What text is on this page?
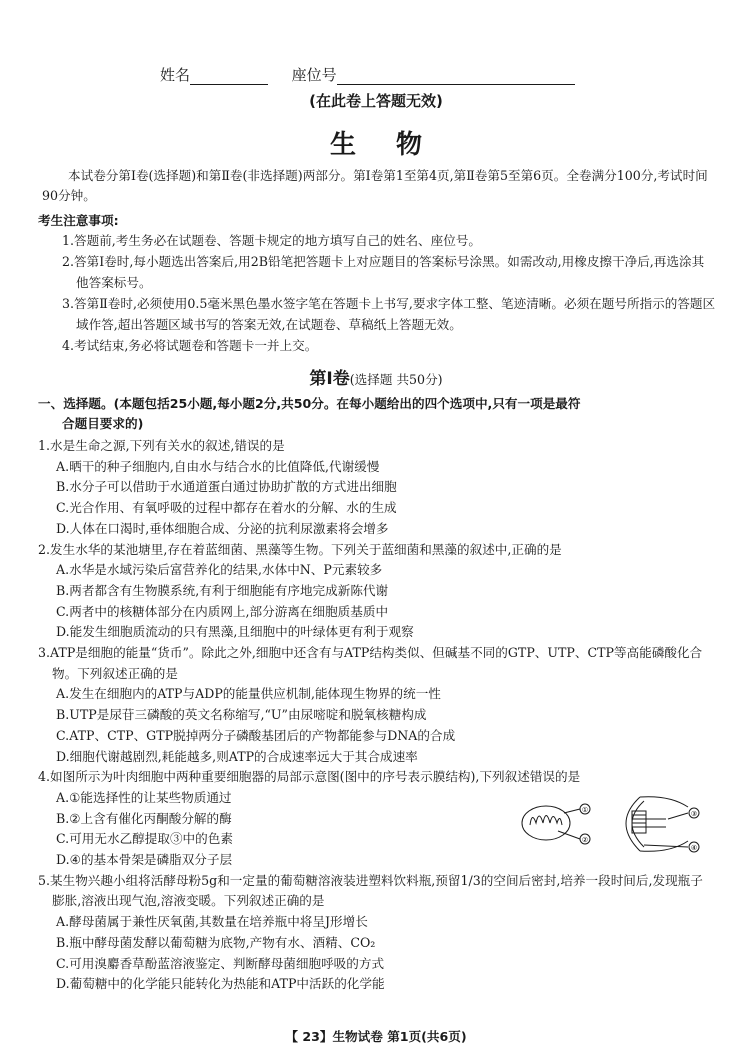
姓名	座位号
(在此卷上答题无效)
生物
本试卷分第Ⅰ卷(选择题)和第Ⅱ卷(非选择题)两部分。第Ⅰ卷第1至第4页,第Ⅱ卷第5至第6页。全卷满分100分,考试时间90分钟。
考生注意事项:
1.答题前,考生务必在试题卷、答题卡规定的地方填写自己的姓名、座位号。
2.答第Ⅰ卷时,每小题选出答案后,用2B铅笔把答题卡上对应题目的答案标号涂黑。如需改动,用橡皮擦干净后,再选涂其他答案标号。
3.答第Ⅱ卷时,必须使用0.5毫米黑色墨水签字笔在答题卡上书写,要求字体工整、笔迹清晰。必须在题号所指示的答题区域作答,超出答题区域书写的答案无效,在试题卷、草稿纸上答题无效。
4.考试结束,务必将试题卷和答题卡一并上交。
第Ⅰ卷(选择题 共50分)
一、选择题。(本题包括25小题,每小题2分,共50分。在每小题给出的四个选项中,只有一项是最符
合题目要求的)
1.水是生命之源,下列有关水的叙述,错误的是
A.晒干的种子细胞内,自由水与结合水的比值降低,代谢缓慢
B.水分子可以借助于水通道蛋白通过协助扩散的方式进出细胞
C.光合作用、有氧呼吸的过程中都存在着水的分解、水的生成
D.人体在口渴时,垂体细胞合成、分泌的抗利尿激素将会增多
2.发生水华的某池塘里,存在着蓝细菌、黑藻等生物。下列关于蓝细菌和黑藻的叙述中,正确的是
A.水华是水域污染后富营养化的结果,水体中N、P元素较多
B.两者都含有生物膜系统,有利于细胞能有序地完成新陈代谢
C.两者中的核糖体部分在内质网上,部分游离在细胞质基质中
D.能发生细胞质流动的只有黑藻,且细胞中的叶绿体更有利于观察
3.ATP是细胞的能量“货币”。除此之外,细胞中还含有与ATP结构类似、但碱基不同的GTP、UTP、CTP等高能磷酸化合物。下列叙述正确的是
A.发生在细胞内的ATP与ADP的能量供应机制,能体现生物界的统一性
B.UTP是尿苷三磷酸的英文名称缩写,“U”由尿嘧啶和脱氧核糖构成
C.ATP、CTP、GTP脱掉两分子磷酸基团后的产物都能参与DNA的合成
D.细胞代谢越剧烈,耗能越多,则ATP的合成速率远大于其合成速率
4.如图所示为叶肉细胞中两种重要细胞器的局部示意图(图中的序号表示膜结构),下列叙述错误的是
A.①能选择性的让某些物质通过
B.②上含有催化丙酮酸分解的酶
C.可用无水乙醇提取③中的色素
D.④的基本骨架是磷脂双分子层
①
②
③
④
5.某生物兴趣小组将活酵母粉5g和一定量的葡萄糖溶液装进塑料饮料瓶,预留1/3的空间后密封,培养一段时间后,发现瓶子膨胀,溶液出现气泡,溶液变暖。下列叙述正确的是
A.酵母菌属于兼性厌氧菌,其数量在培养瓶中将呈J形增长
B.瓶中酵母菌发酵以葡萄糖为底物,产物有水、酒精、CO₂
C.可用溴麝香草酚蓝溶液鉴定、判断酵母菌细胞呼吸的方式
D.葡萄糖中的化学能只能转化为热能和ATP中活跃的化学能
【 23】生物试卷 第1页(共6页)
